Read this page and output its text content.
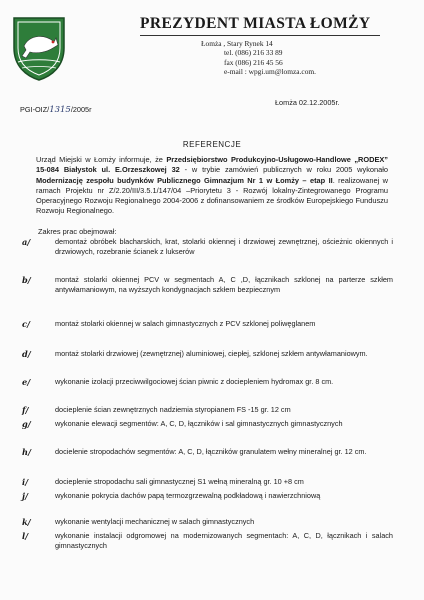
PREZYDENT MIASTA ŁOMŻY
Łomża , Stary Rynek 14
tel. (086) 216 33 89
fax (086) 216 45 56
e-mail : wpgi.um@lomza.com.
Łomża 02.12.2005r.
PGI-OIZ/1315/2005r
REFERENCJE
Urząd Miejski w Łomży informuje, że Przedsiębiorstwo Produkcyjno-Usługowo-Handlowe „RODEX” 15-084 Białystok ul. E.Orzeszkowej 32 - w trybie zamówień publicznych w roku 2005 wykonało Modernizację zespołu budynków Publicznego Gimnazjum Nr 1 w Łomży – etap II. realizowanej w ramach Projektu nr Z/2.20/III/3.5.1/147/04 –Priorytetu 3 - Rozwój lokalny-Zintegrowanego Programu Operacyjnego Rozwoju Regionalnego 2004-2006 z dofinansowaniem ze środków Europejskiego Funduszu Rozwoju Regionalnego.
Zakres prac obejmował:
a/	demontaż obróbek blacharskich, krat, stolarki okiennej i drzwiowej zewnętrznej, ościeżnic okiennych i drzwiowych, rozebranie ścianek z lukserów
b/	montaż stolarki okiennej PCV w segmentach A, C ,D, łącznikach szklonej na parterze szkłem antywłamaniowym, na wyższych kondygnacjach szkłem bezpiecznym
c/	montaż stolarki okiennej w salach gimnastycznych z PCV szklonej poliwęglanem
d/	montaż stolarki drzwiowej (zewnętrznej) aluminiowej, ciepłej, szklonej szkłem antywłamaniowym.
e/	wykonanie izolacji przeciwwilgociowej ścian piwnic z dociepleniem hydromax gr. 8 cm.
f/	docieplenie ścian zewnętrznych nadziemia styropianem FS -15 gr. 12 cm
g/	wykonanie elewacji segmentów: A, C, D, łączników i sal gimnastycznych gimnastycznych
h/	docielenie stropodachów segmentów: A, C, D, łączników granulatem wełny mineralnej gr. 12 cm.
i/	docieplenie stropodachu sali gimnastycznej S1 wełną mineralną gr. 10 +8 cm
j/	wykonanie pokrycia dachów papą termozgrzewalną podkładową i nawierzchniową
k/	wykonanie wentylacji mechanicznej w salach gimnastycznych
l/	wykonanie instalacji odgromowej na modernizowanych segmentach: A, C, D, łącznikach i salach gimnastycznych
